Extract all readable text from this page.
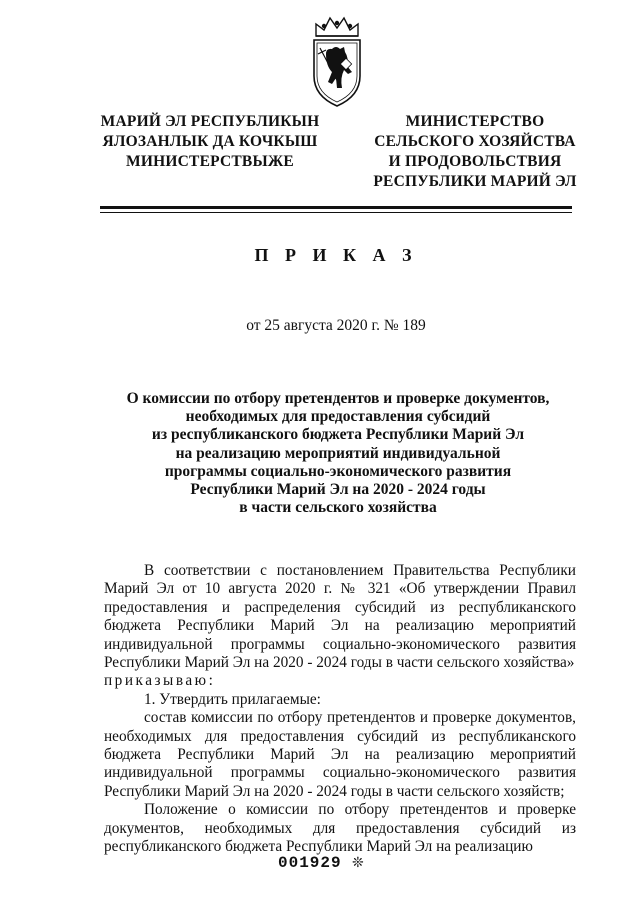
МАРИЙ ЭЛ РЕСПУБЛИКЫН
ЯЛОЗАНЛЫК ДА КОЧКЫШ
МИНИСТЕРСТВЫЖЕ
МИНИСТЕРСТВО
СЕЛЬСКОГО ХОЗЯЙСТВА
И ПРОДОВОЛЬСТВИЯ
РЕСПУБЛИКИ МАРИЙ ЭЛ
П Р И К А З
от 25 августа 2020 г. № 189
О комиссии по отбору претендентов и проверке документов,
необходимых для предоставления субсидий
из республиканского бюджета Республики Марий Эл
на реализацию мероприятий индивидуальной
программы социально-экономического развития
Республики Марий Эл на 2020 - 2024 годы
в части сельского хозяйства

В соответствии с постановлением Правительства Республики Марий Эл от 10 августа 2020 г. № 321 «Об утверждении Правил предоставления и распределения субсидий из республиканского бюджета Республики Марий Эл на реализацию мероприятий индивидуальной программы социально-экономического развития Республики Марий Эл на 2020 - 2024 годы в части сельского хозяйства»

приказываю:

1. Утвердить прилагаемые:

состав комиссии по отбору претендентов и проверке документов, необходимых для предоставления субсидий из республиканского бюджета Республики Марий Эл на реализацию мероприятий индивидуальной программы социально-экономического развития Республики Марий Эл на 2020 - 2024 годы в части сельского хозяйств;

Положение о комиссии по отбору претендентов и проверке документов, необходимых для предоставления субсидий из республиканского бюджета Республики Марий Эл на реализацию

001929 ❊
